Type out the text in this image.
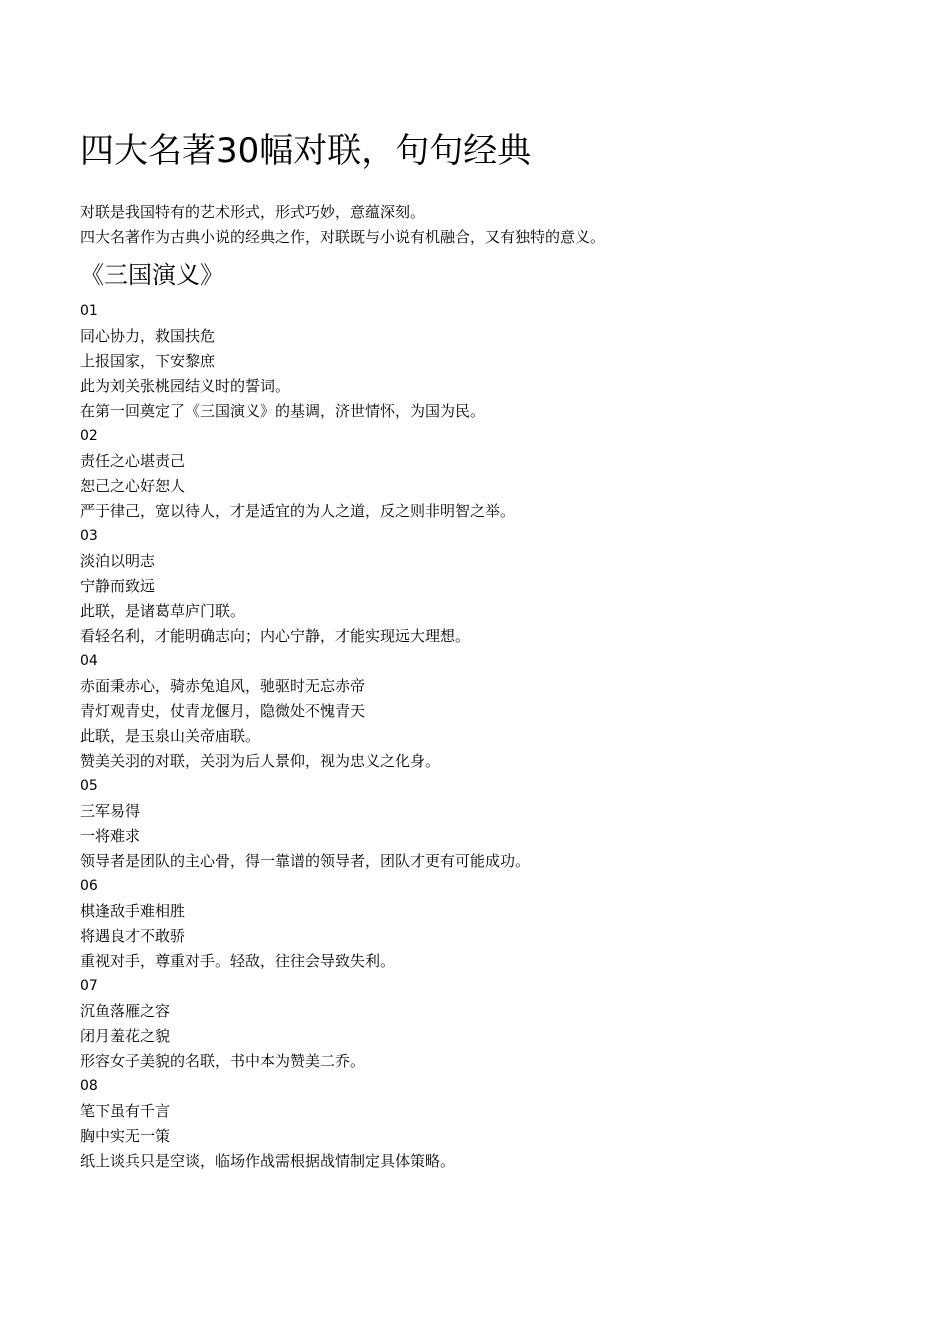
四大名著30幅对联，句句经典
对联是我国特有的艺术形式，形式巧妙，意蕴深刻。
四大名著作为古典小说的经典之作，对联既与小说有机融合，又有独特的意义。
《三国演义》
01
同心协力，救国扶危
上报国家，下安黎庶
此为刘关张桃园结义时的誓词。
在第一回奠定了《三国演义》的基调，济世情怀，为国为民。
02
责任之心堪责己
恕己之心好恕人
严于律己，宽以待人，才是适宜的为人之道，反之则非明智之举。
03
淡泊以明志
宁静而致远
此联，是诸葛草庐门联。
看轻名利，才能明确志向；内心宁静，才能实现远大理想。
04
赤面秉赤心，骑赤兔追风，驰驱时无忘赤帝
青灯观青史，仗青龙偃月，隐微处不愧青天
此联，是玉泉山关帝庙联。
赞美关羽的对联，关羽为后人景仰，视为忠义之化身。
05
三军易得
一将难求
领导者是团队的主心骨，得一靠谱的领导者，团队才更有可能成功。
06
棋逢敌手难相胜
将遇良才不敢骄
重视对手，尊重对手。轻敌，往往会导致失利。
07
沉鱼落雁之容
闭月羞花之貌
形容女子美貌的名联，书中本为赞美二乔。
08
笔下虽有千言
胸中实无一策
纸上谈兵只是空谈，临场作战需根据战情制定具体策略。
